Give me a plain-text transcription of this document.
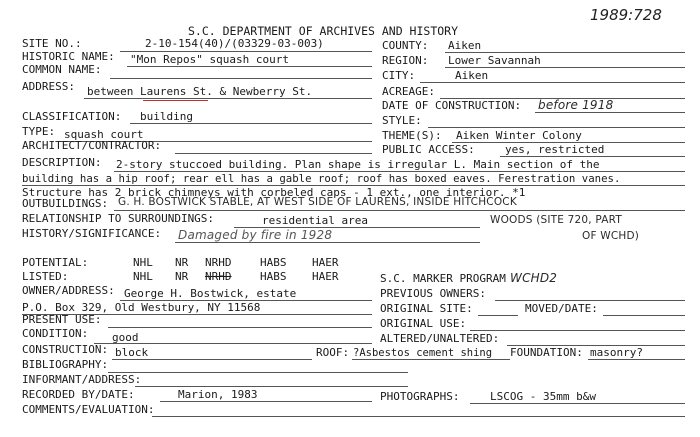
1989:728
S.C. DEPARTMENT OF ARCHIVES AND HISTORY
SITE NO.:	2-10-154(40)/(03329-03-003)
HISTORIC NAME: "Mon Repos" squash court
COMMON NAME:
ADDRESS: between Laurens St. & Newberry St.
CLASSIFICATION: building
TYPE: squash court
ARCHITECT/CONTRACTOR:
COUNTY: Aiken
REGION: Lower Savannah
CITY:	Aiken
ACREAGE:
DATE OF CONSTRUCTION: before 1918
STYLE:
THEME(S): Aiken Winter Colony
PUBLIC ACCESS:	yes, restricted
DESCRIPTION: 2-story stuccoed building. Plan shape is irregular L. Main section of the
building has a hip roof; rear ell has a gable roof; roof has boxed eaves. Ferestration vanes.
Structure has 2 brick chimneys with corbeled caps - 1 ext., one interior. *1
OUTBUILDINGS: G. H. BOSTWICK STABLE, AT WEST SIDE OF LAURENS, INSIDE HITCHCOCK
RELATIONSHIP TO SURROUNDINGS:	residential area	WOODS (SITE 720, PART
HISTORY/SIGNIFICANCE: Damaged by fire in 1928	OF WCHD)
POTENTIAL:	NHL NR NRHD	HABS HAER
LISTED:	NHL NR NRHD	HABS HAER	S.C. MARKER PROGRAM WCHD2
OWNER/ADDRESS: George H. Bostwick, estate
P.O. Box 329, Old Westbury, NY 11568
PREVIOUS OWNERS:
ORIGINAL SITE:	MOVED/DATE:
PRESENT USE:	ORIGINAL USE:
CONDITION: good	ALTERED/UNALTERED:
CONSTRUCTION: block	ROOF: ?Asbestos cement shing FOUNDATION: masonry?
BIBLIOGRAPHY:
INFORMANT/ADDRESS:
RECORDED BY/DATE:	Marion, 1983	PHOTOGRAPHS:	LSCOG - 35mm b&w
COMMENTS/EVALUATION:
